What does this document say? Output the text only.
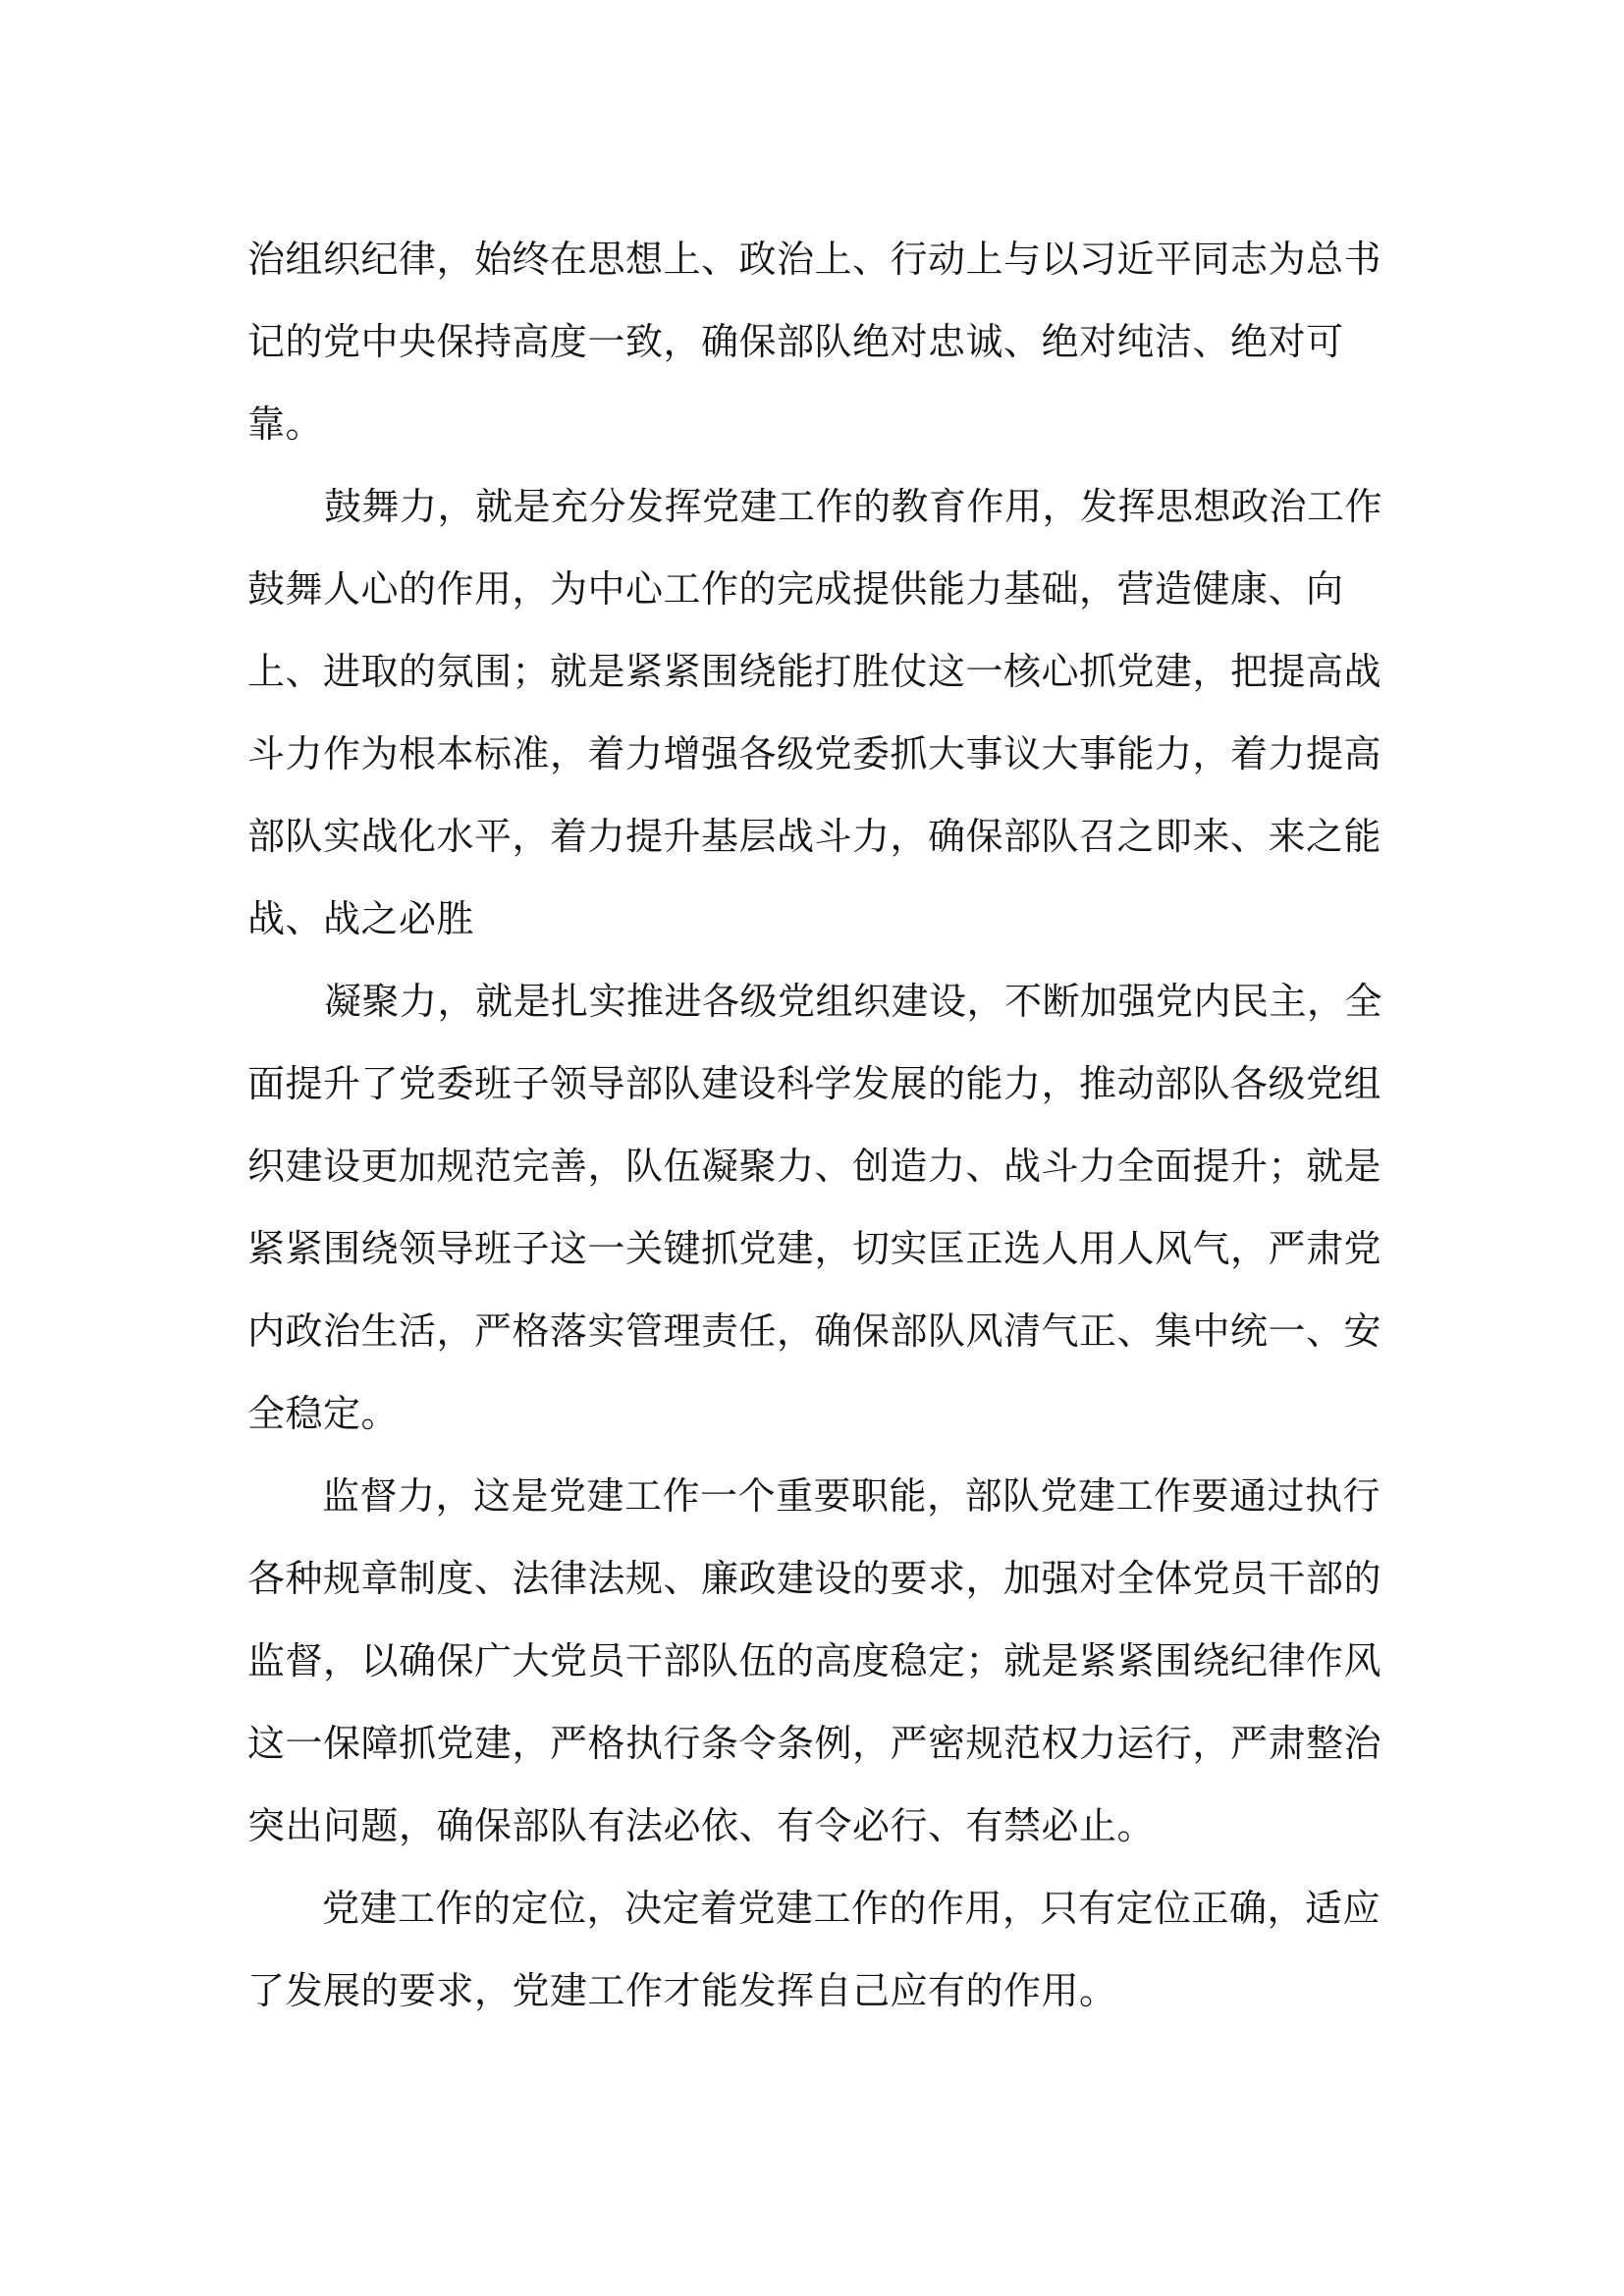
治组织纪律，始终在思想上、政治上、行动上与以习近平同志为总书记的党中央保持高度一致，确保部队绝对忠诚、绝对纯洁、绝对可靠。

鼓舞力，就是充分发挥党建工作的教育作用，发挥思想政治工作鼓舞人心的作用，为中心工作的完成提供能力基础，营造健康、向上、进取的氛围；就是紧紧围绕能打胜仗这一核心抓党建，把提高战斗力作为根本标准，着力增强各级党委抓大事议大事能力，着力提高部队实战化水平，着力提升基层战斗力，确保部队召之即来、来之能战、战之必胜

凝聚力，就是扎实推进各级党组织建设，不断加强党内民主，全面提升了党委班子领导部队建设科学发展的能力，推动部队各级党组织建设更加规范完善，队伍凝聚力、创造力、战斗力全面提升；就是紧紧围绕领导班子这一关键抓党建，切实匡正选人用人风气，严肃党内政治生活，严格落实管理责任，确保部队风清气正、集中统一、安全稳定。

监督力，这是党建工作一个重要职能，部队党建工作要通过执行各种规章制度、法律法规、廉政建设的要求，加强对全体党员干部的监督，以确保广大党员干部队伍的高度稳定；就是紧紧围绕纪律作风这一保障抓党建，严格执行条令条例，严密规范权力运行，严肃整治突出问题，确保部队有法必依、有令必行、有禁必止。

党建工作的定位，决定着党建工作的作用，只有定位正确，适应了发展的要求，党建工作才能发挥自己应有的作用。
